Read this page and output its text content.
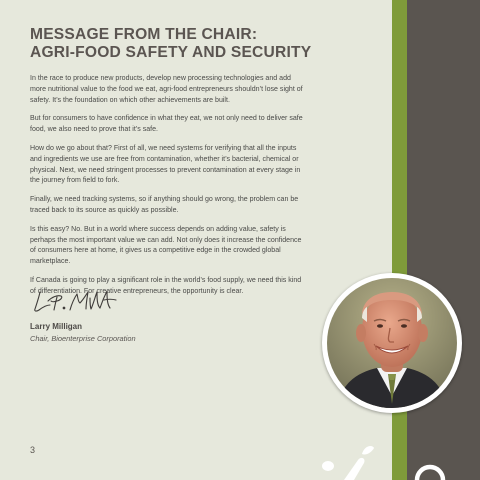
MESSAGE FROM THE CHAIR:
AGRI-FOOD SAFETY AND SECURITY

In the race to produce new products, develop new processing technologies and add more nutritional value to the food we eat, agri-food entrepreneurs shouldn’t lose sight of safety. It’s the foundation on which other achievements are built.

But for consumers to have confidence in what they eat, we not only need to deliver safe food, we also need to prove that it’s safe.

How do we go about that? First of all, we need systems for verifying that all the inputs and ingredients we use are free from contamination, whether it’s bacterial, chemical or physical. Next, we need stringent processes to prevent contamination at every stage in the journey from field to fork.

Finally, we need tracking systems, so if anything should go wrong, the problem can be traced back to its source as quickly as possible.

Is this easy? No. But in a world where success depends on adding value, safety is perhaps the most important value we can add. Not only does it increase the confidence of consumers here at home, it gives us a competitive edge in the crowded global marketplace.

If Canada is going to play a significant role in the world’s food supply, we need this kind of differentiation. For creative entrepreneurs, the opportunity is clear.

Larry Milligan
Chair, Bioenterprise Corporation
3
